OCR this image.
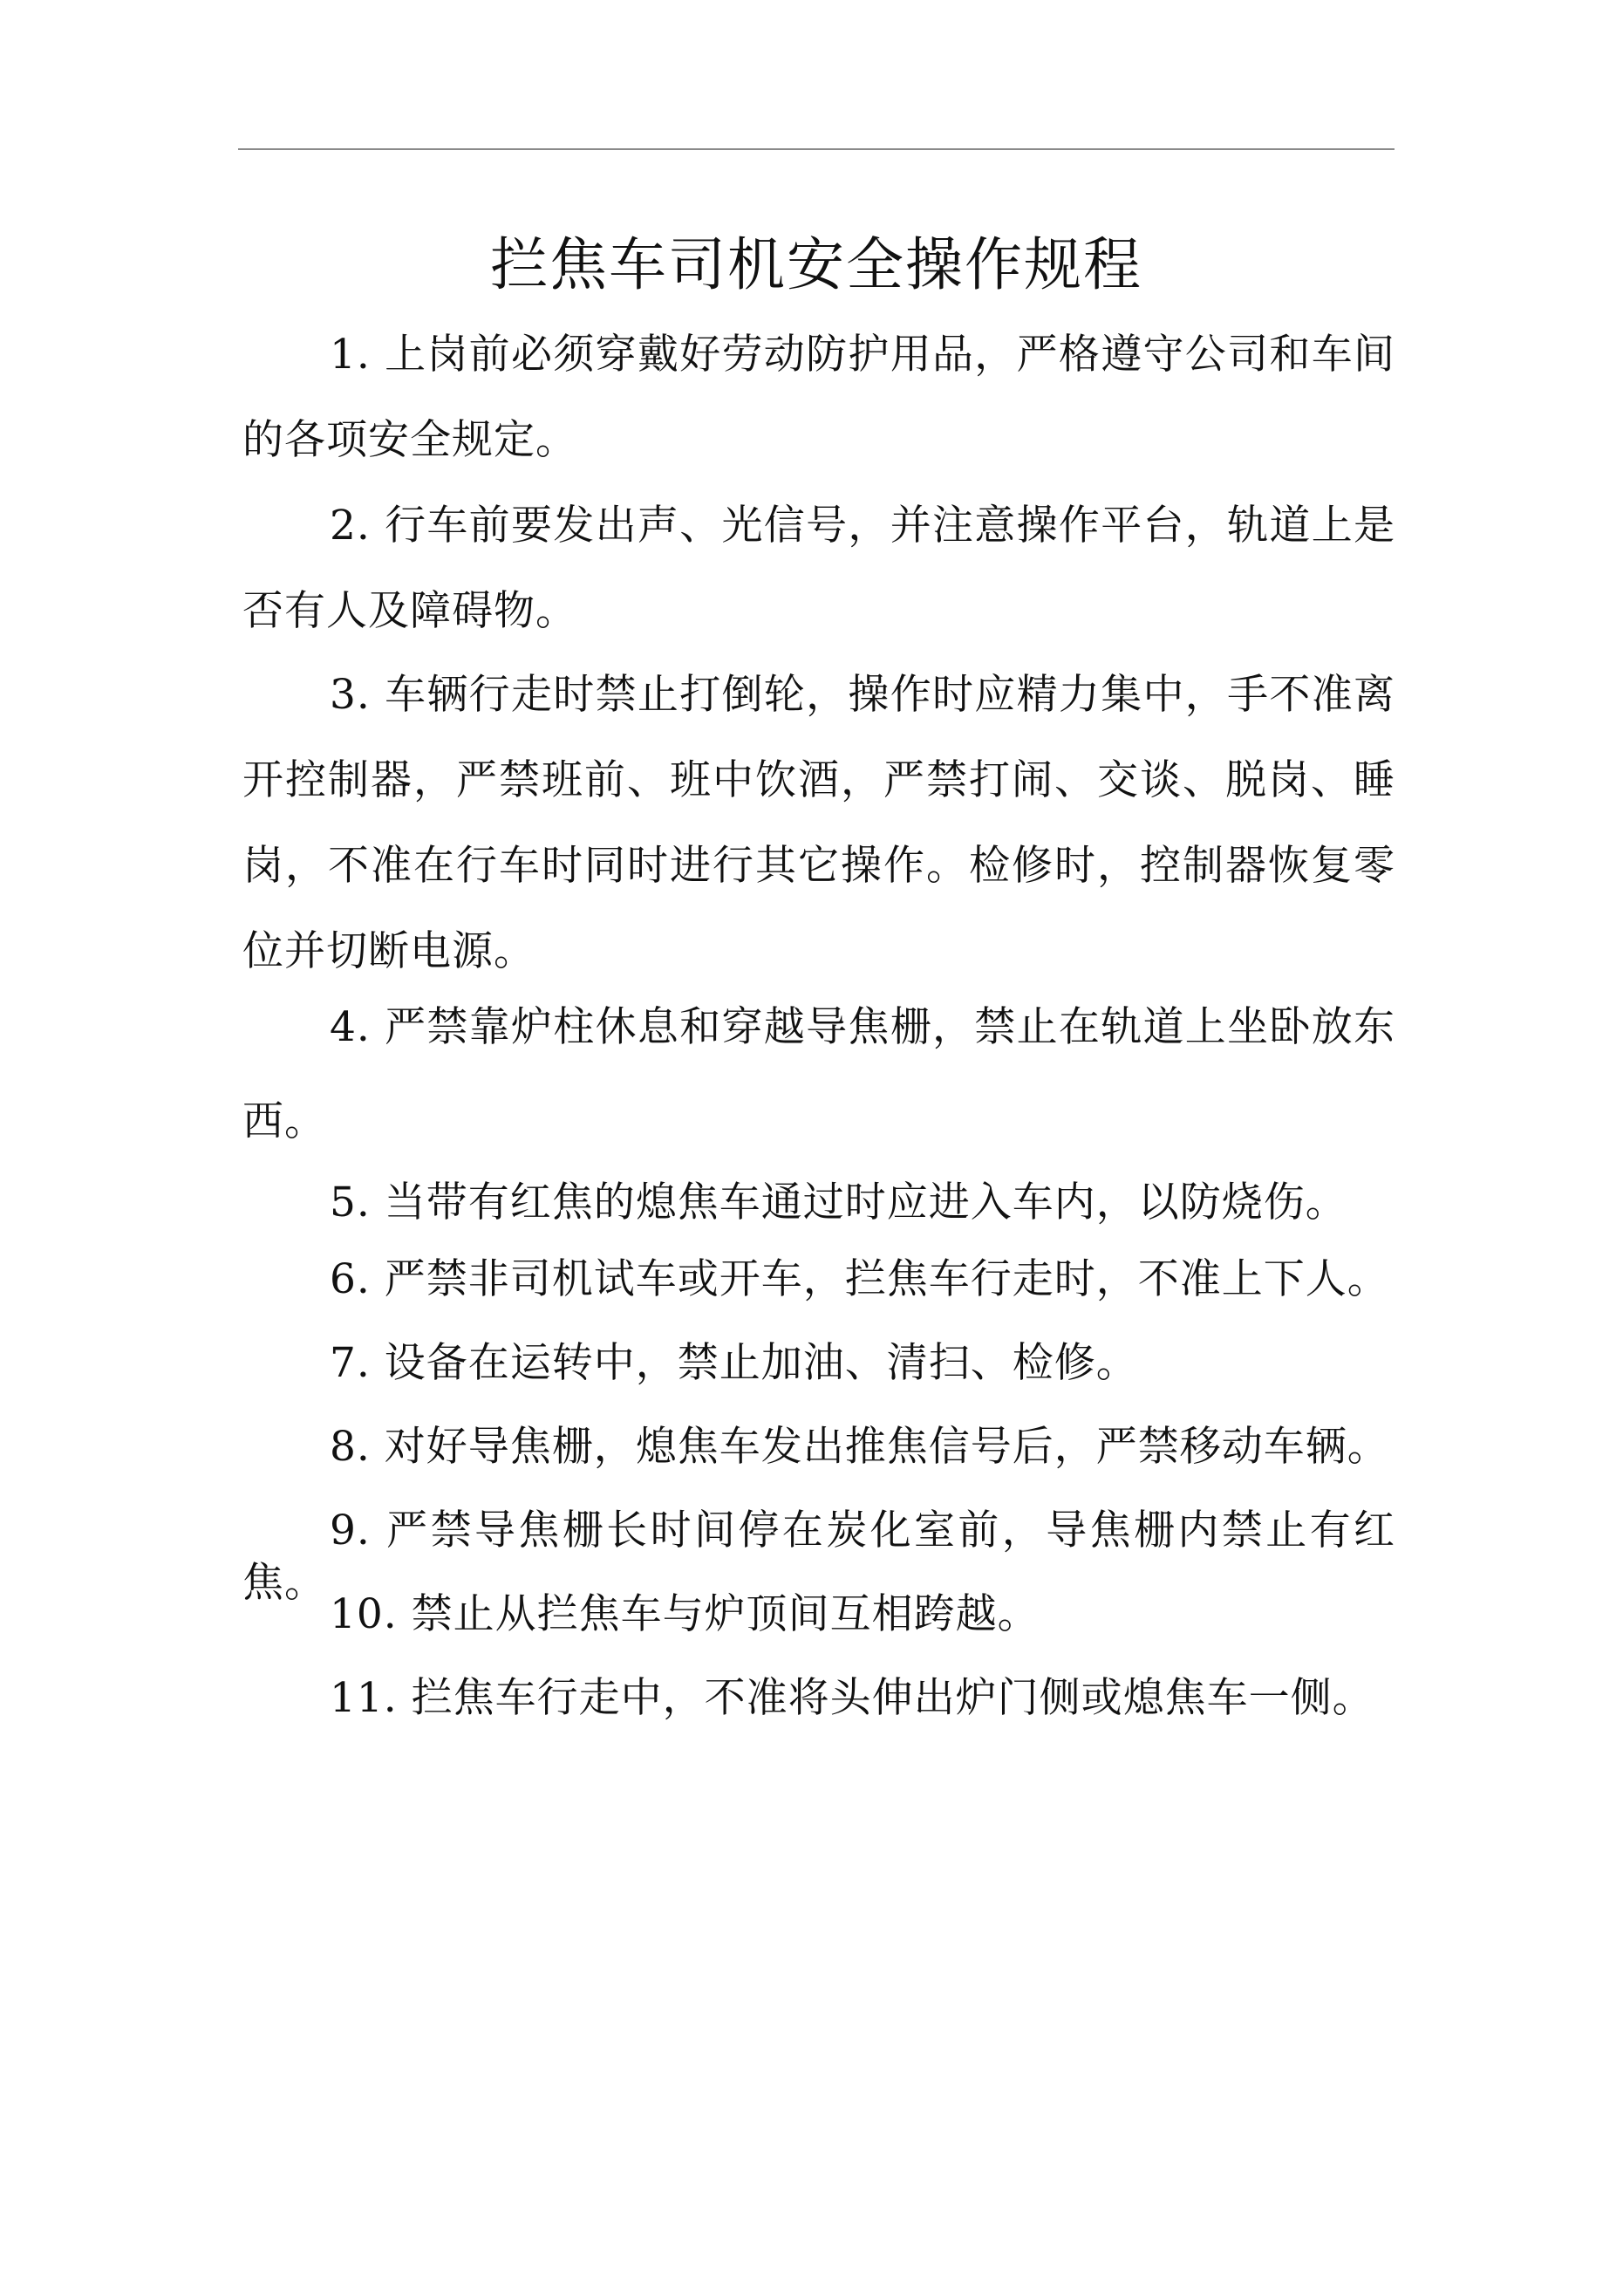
拦焦车司机安全操作规程

1. 上岗前必须穿戴好劳动防护用品，严格遵守公司和车间的各项安全规定。

2. 行车前要发出声、光信号，并注意操作平台，轨道上是否有人及障碍物。

3. 车辆行走时禁止打倒轮，操作时应精力集中，手不准离开控制器，严禁班前、班中饮酒，严禁打闹、交谈、脱岗、睡岗，不准在行车时同时进行其它操作。检修时，控制器恢复零位并切断电源。

4. 严禁靠炉柱休息和穿越导焦栅，禁止在轨道上坐卧放东西。

5. 当带有红焦的熄焦车通过时应进入车内，以防烧伤。

6. 严禁非司机试车或开车，拦焦车行走时，不准上下人。

7. 设备在运转中，禁止加油、清扫、检修。

8. 对好导焦栅，熄焦车发出推焦信号后，严禁移动车辆。

9. 严禁导焦栅长时间停在炭化室前，导焦栅内禁止有红焦。

10. 禁止从拦焦车与炉顶间互相跨越。

11. 拦焦车行走中，不准将头伸出炉门侧或熄焦车一侧。
